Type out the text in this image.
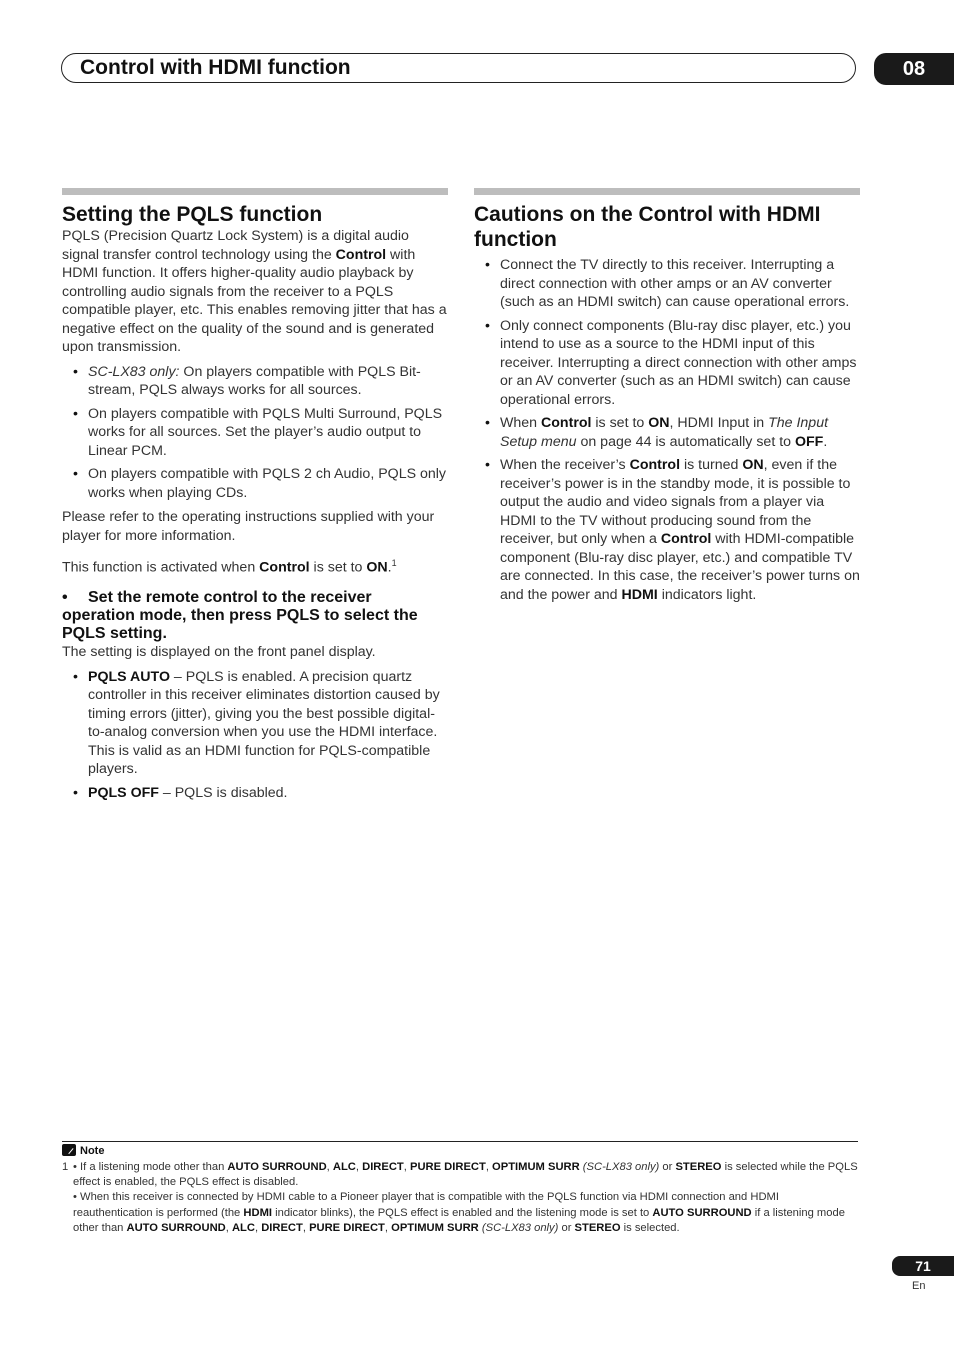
Control with HDMI function	08
Setting the PQLS function

PQLS (Precision Quartz Lock System) is a digital audio signal transfer control technology using the Control with HDMI function. It offers higher-quality audio playback by controlling audio signals from the receiver to a PQLS compatible player, etc. This enables removing jitter that has a negative effect on the quality of the sound and is generated upon transmission.

• SC-LX83 only: On players compatible with PQLS Bit-stream, PQLS always works for all sources.
• On players compatible with PQLS Multi Surround, PQLS works for all sources. Set the player’s audio output to Linear PCM.
• On players compatible with PQLS 2 ch Audio, PQLS only works when playing CDs.

Please refer to the operating instructions supplied with your player for more information.

This function is activated when Control is set to ON.$^1$

• Set the remote control to the receiver operation mode, then press PQLS to select the PQLS setting.

The setting is displayed on the front panel display.

• PQLS AUTO – PQLS is enabled. A precision quartz controller in this receiver eliminates distortion caused by timing errors (jitter), giving you the best possible digital-to-analog conversion when you use the HDMI interface. This is valid as an HDMI function for PQLS-compatible players.
• PQLS OFF – PQLS is disabled.
Cautions on the Control with HDMI function
• Connect the TV directly to this receiver. Interrupting a direct connection with other amps or an AV converter (such as an HDMI switch) can cause operational errors.
• Only connect components (Blu-ray disc player, etc.) you intend to use as a source to the HDMI input of this receiver. Interrupting a direct connection with other amps or an AV converter (such as an HDMI switch) can cause operational errors.
• When Control is set to ON, HDMI Input in The Input Setup menu on page 44 is automatically set to OFF.
• When the receiver’s Control is turned ON, even if the receiver’s power is in the standby mode, it is possible to output the audio and video signals from a player via HDMI to the TV without producing sound from the receiver, but only when a Control with HDMI-compatible component (Blu-ray disc player, etc.) and compatible TV are connected. In this case, the receiver’s power turns on and the power and HDMI indicators light.
Note
1 • If a listening mode other than AUTO SURROUND, ALC, DIRECT, PURE DIRECT, OPTIMUM SURR (SC-LX83 only) or STEREO is selected while the PQLS effect is enabled, the PQLS effect is disabled.
• When this receiver is connected by HDMI cable to a Pioneer player that is compatible with the PQLS function via HDMI connection and HDMI reauthentication is performed (the HDMI indicator blinks), the PQLS effect is enabled and the listening mode is set to AUTO SURROUND if a listening mode other than AUTO SURROUND, ALC, DIRECT, PURE DIRECT, OPTIMUM SURR (SC-LX83 only) or STEREO is selected.
71
En
